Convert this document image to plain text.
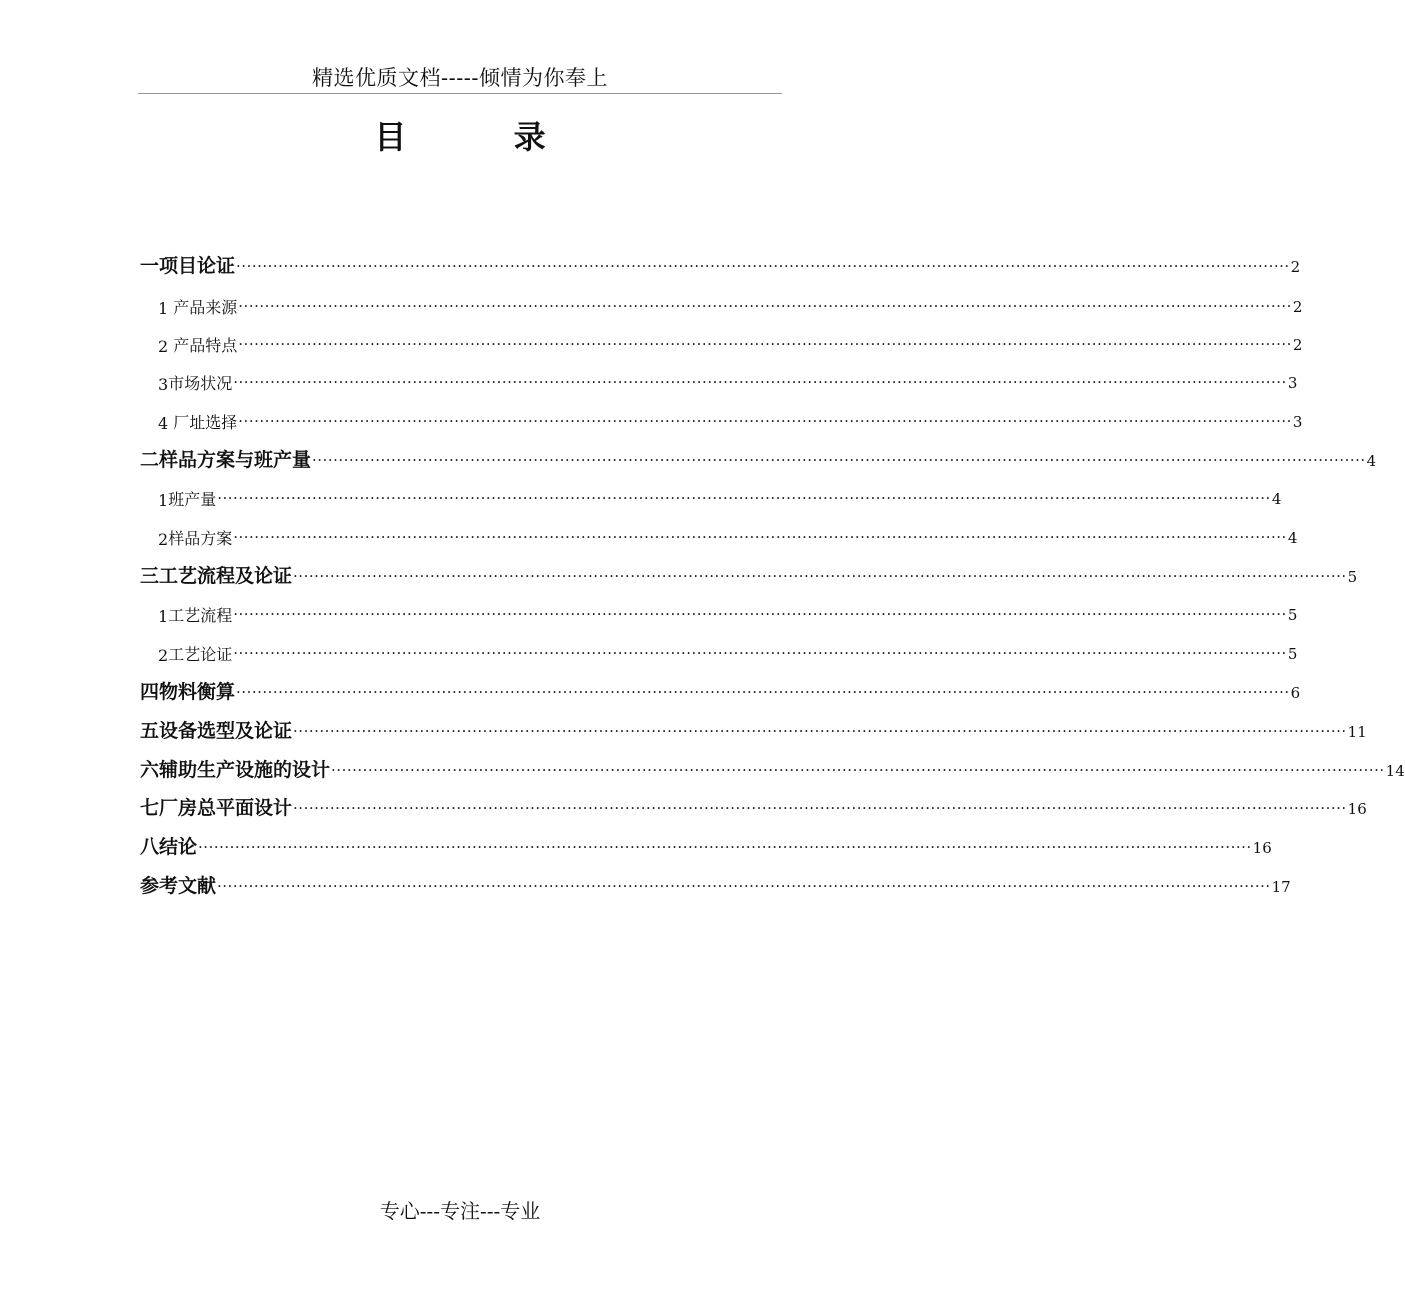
精选优质文档-----倾情为你奉上
目 录
一 项目论证 ········································································································································································································ 2
1 产品来源 ········································································································································································································ 2
2 产品特点 ········································································································································································································ 2
3 市场状况 ········································································································································································································ 3
4 厂址选择 ········································································································································································································ 3
二 样品方案与班产量 ········································································································································································································ 4
1 班产量 ········································································································································································································ 4
2 样品方案 ········································································································································································································ 4
三 工艺流程及论证 ········································································································································································································ 5
1 工艺流程 ········································································································································································································ 5
2 工艺论证 ········································································································································································································ 5
四 物料衡算 ········································································································································································································ 6
五 设备选型及论证 ········································································································································································································ 11
六 辅助生产设施的设计 ········································································································································································································ 14
七 厂房总平面设计 ········································································································································································································ 16
八 结论 ········································································································································································································ 16
参考文献 ········································································································································································································ 17
专心---专注---专业
